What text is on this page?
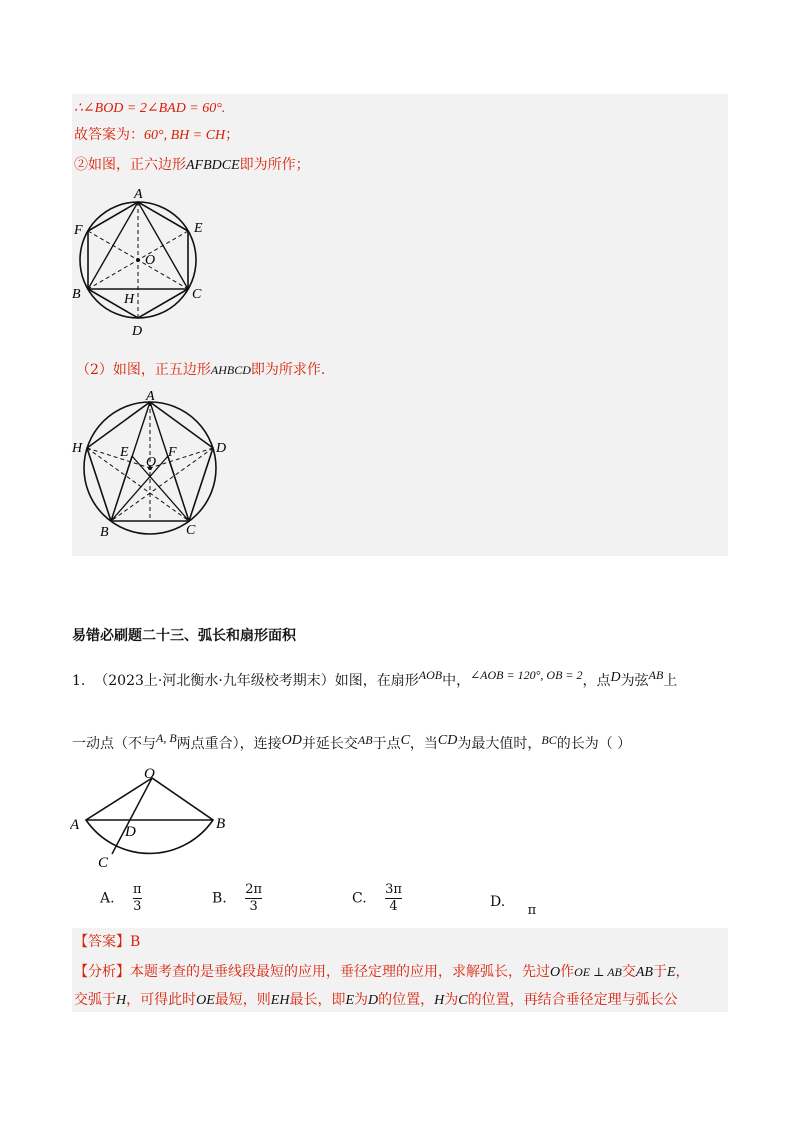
∴∠BOD = 2∠BAD = 60°.
故答案为：60°, BH = CH；
②如图，正六边形AFBDCE即为所作；
A
E
F
O
B	H	C
D
（2）如图，正五边形AHBCD即为所求作.
A
H	E	F
O
D
B	C
易错必刷题二十三、弧长和扇形面积
1. （2023上·河北衡水·九年级校考期末）如图，在扇形AOB中，∠AOB = 120°, OB = 2，点D为弦AB上
一动点（不与A, B两点重合），连接OD并延长交AB于点C，当CD为最大值时，BC的长为（ ）
O
A	B
D
C
A. $\frac{\pi}{3}$	B. $\frac{2\pi}{3}$	C. $\frac{3\pi}{4}$	D. π
【答案】B
【分析】本题考查的是垂线段最短的应用，垂径定理的应用，求解弧长，先过O作OE ⊥ AB交AB于E，
交弧于H，可得此时OE最短，则EH最长，即E为D的位置，H为C的位置，再结合垂径定理与弧长公
